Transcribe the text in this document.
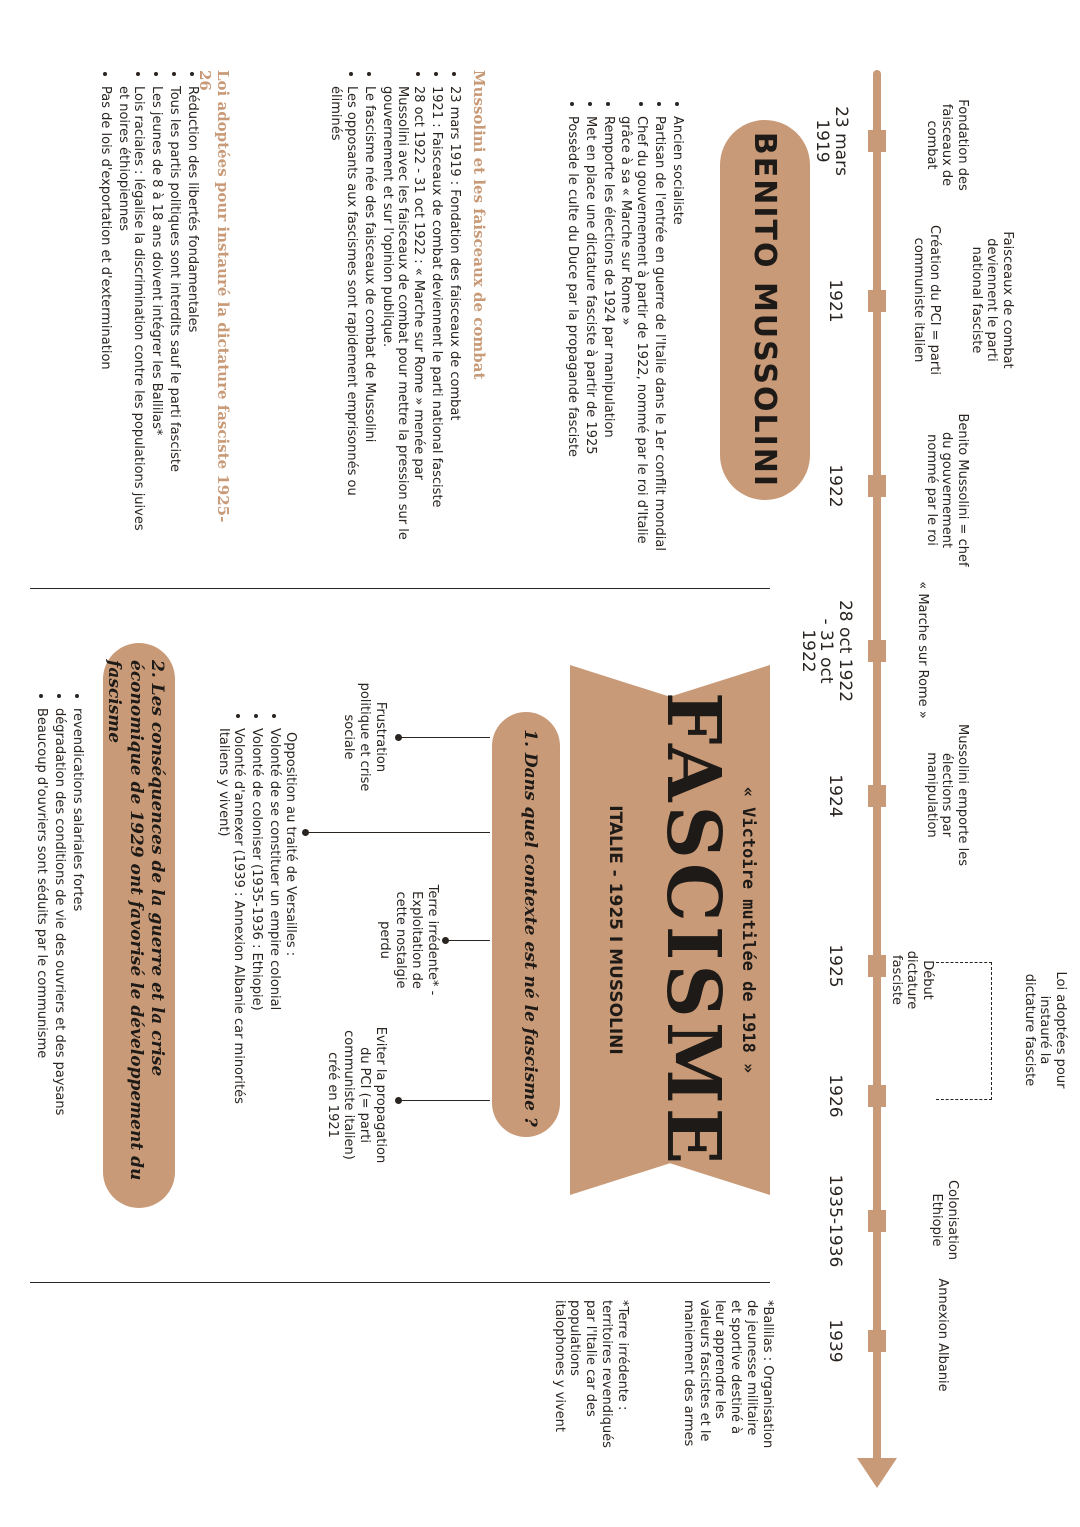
23 mars 1919
1921
1922
28 oct 1922 - 31 oct 1922
1924
1925
1926
1935-1936
1939
Fondation des faisceaux de combat
Faisceaux de combat deviennent le parti national fasciste
Création du PCI = parti communiste italien
Benito Mussolini = chef du gouvernement nommé par le roi
« Marche sur Rome »
Mussolini emporte les élections par manipulation
Début dictature fasciste
Colonisation Ethiopie
Annexion Albanie
Loi adoptées pour instauré la dictature fasciste
BENITO MUSSOLINI
• Ancien socialiste
• Partisan de l'entrée en guerre de l'Italie dans le 1er conflit mondial
• Chef du gouvernement à partir de 1922, nommé par le roi d'Italie grâce à sa « Marche sur Rome »
• Remporte les élections de 1924 par manipulation
• Met en place une dictature fasciste à partir de 1925
• Possède le culte du Duce par la propagande fasciste
Mussolini et les faisceaux de combat
• 23 mars 1919 : Fondation des faisceaux de combat
• 1921 : Faisceaux de combat deviennent le parti national fasciste
• 28 oct 1922 - 31 oct 1922 : « Marche sur Rome » menée par Mussolini avec les faisceaux de combat pour mettre la pression sur le gouvernement et sur l'opinion publique.
• Le fascisme née des faisceaux de combat de Mussolini
• Les opposants aux fascismes sont rapidement emprisonnés ou éliminés
Loi adoptées pour instauré la dictature fasciste 1925-26
• Réduction des libertés fondamentales
• Tous les partis politiques sont interdits sauf le parti fasciste
• Les jeunes de 8 à 18 ans doivent intégrer les Ballilas*
• Lois raciales : légalise la discrimination contre les populations juives et noires éthiopiennes
• Pas de lois d'exportation et d'extermination
« Victoire mutilée de 1918 »
FASCISME
ITALIE - 1925 I MUSSOLINI
1. Dans quel contexte est né le fascisme ?
Frustration politique et crise sociale
Terre irrédente* - Exploitation de cette nostalgie perdu
Eviter la propagation du PCI (= parti communiste italien) créé en 1921
Opposition au traité de Versailles :
• Volonté de se constituer un empire colonial
• Volonté de coloniser (1935-1936 : Ethiopie)
• Volonté d'annexer (1939 : Annexion Albanie car minorités Italiens y vivent)
2. Les conséquences de la guerre et la crise économique de 1929 ont favorisé le développement du fascisme
• revendications salariales fortes
• dégradation des conditions de vie des ouvriers et des paysans
• Beaucoup d'ouvriers sont séduits par le communisme
*Ballilas : Organisation de jeunesse militaire et sportive destiné à leur apprendre les valeurs fascistes et le maniement des armes
*Terre irrédente : territoires revendiqués par l'Italie car des populations italophones y vivent
